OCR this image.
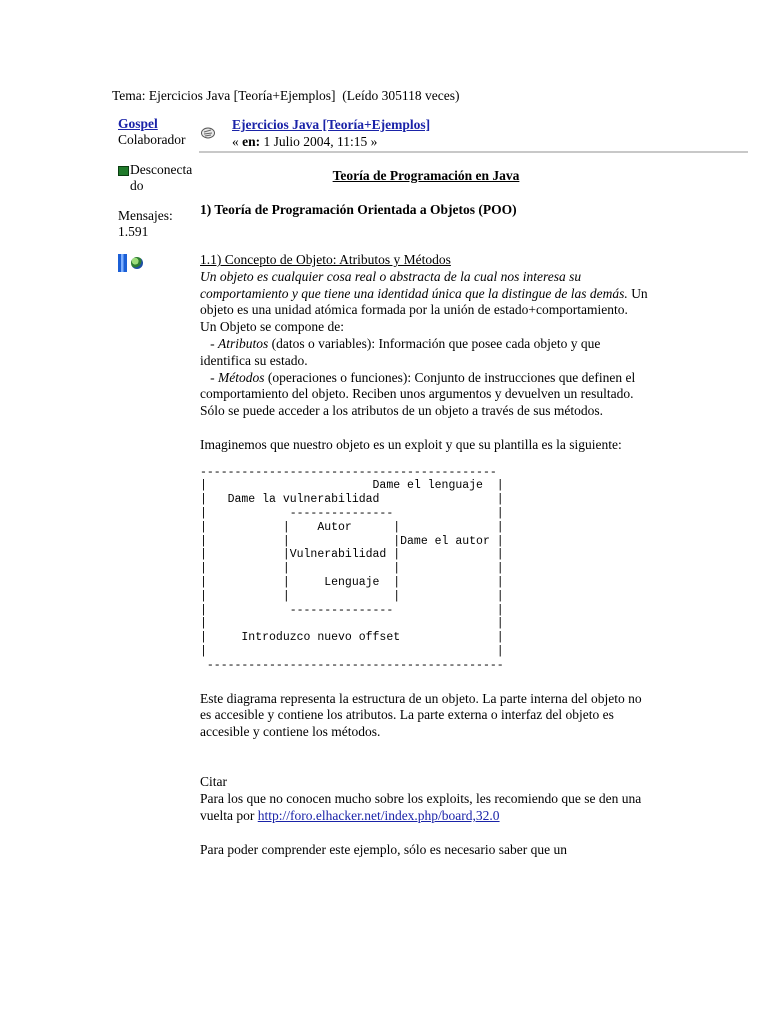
Tema: Ejercicios Java [Teoría+Ejemplos]  (Leído 305118 veces)
Gospel
Colaborador
Desconectado
Mensajes:
1.591
Ejercicios Java [Teoría+Ejemplos]
« en: 1 Julio 2004, 11:15 »
Teoría de Programación en Java
1) Teoría de Programación Orientada a Objetos (POO)
1.1) Concepto de Objeto: Atributos y Métodos
Un objeto es cualquier cosa real o abstracta de la cual nos interesa su comportamiento y que tiene una identidad única que la distingue de las demás. Un objeto es una unidad atómica formada por la unión de estado+comportamiento.
Un Objeto se compone de:
- Atributos (datos o variables): Información que posee cada objeto y que identifica su estado.
- Métodos (operaciones o funciones): Conjunto de instrucciones que definen el comportamiento del objeto. Reciben unos argumentos y devuelven un resultado.
Sólo se puede acceder a los atributos de un objeto a través de sus métodos.
Imaginemos que nuestro objeto es un exploit y que su plantilla es la siguiente:
-------------------------------------------
|                        Dame el lenguaje  |
|   Dame la vulnerabilidad                 |
|            ---------------               |
|           |    Autor      |              |
|           |               |Dame el autor |
|           |Vulnerabilidad |              |
|           |               |              |
|           |     Lenguaje  |              |
|           |               |              |
|            ---------------               |
|                                          |
|     Introduzco nuevo offset              |
|                                          |
-------------------------------------------
Este diagrama representa la estructura de un objeto. La parte interna del objeto no es accesible y contiene los atributos. La parte externa o interfaz del objeto es accesible y contiene los métodos.
Citar
Para los que no conocen mucho sobre los exploits, les recomiendo que se den una vuelta por http://foro.elhacker.net/index.php/board,32.0
Para poder comprender este ejemplo, sólo es necesario saber que un
